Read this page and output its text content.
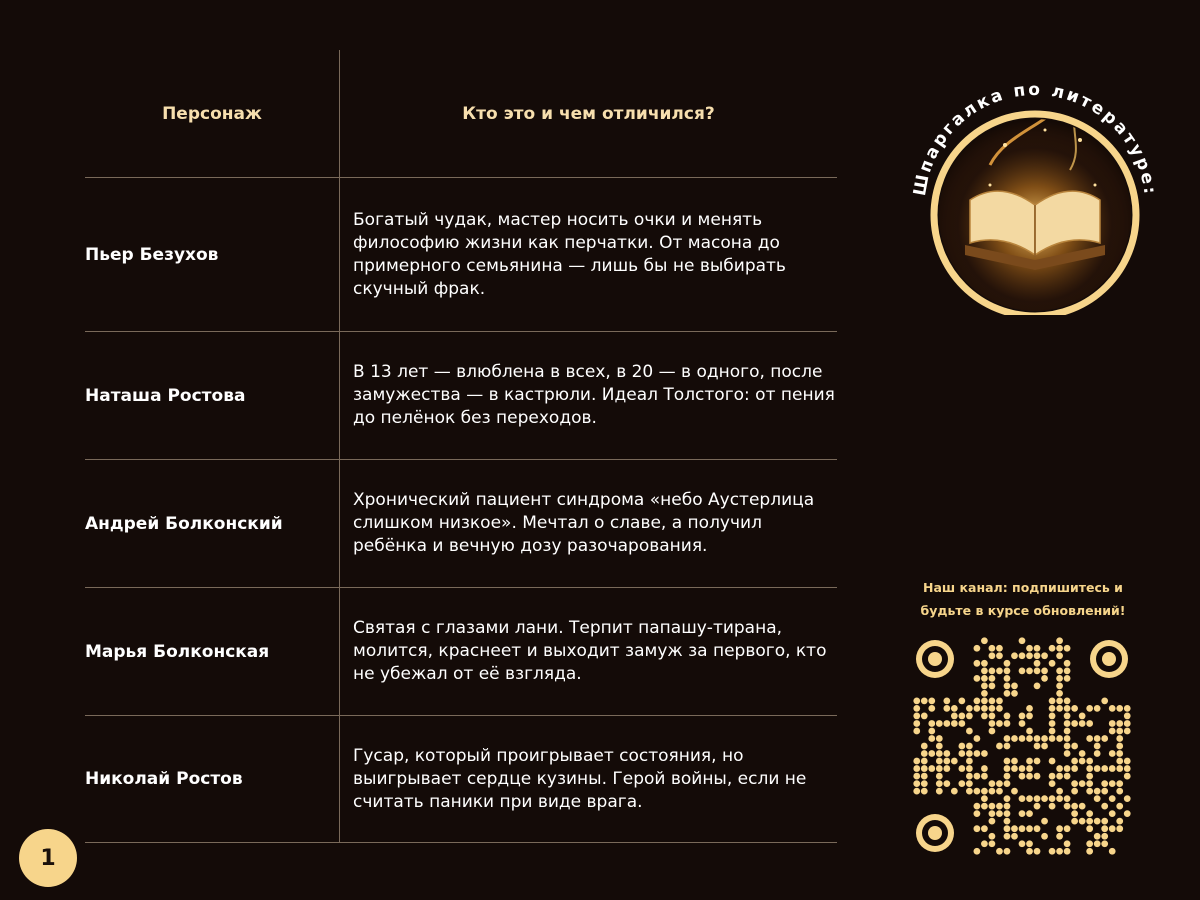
Персонаж	Кто это и чем отличился?
Пьер Безухов
Богатый чудак, мастер носить очки и менять философию жизни как перчатки. От масона до примерного семьянина — лишь бы не выбирать скучный фрак.
Наташа Ростова
В 13 лет — влюблена в всех, в 20 — в одного, после замужества — в кастрюли. Идеал Толстого: от пения до пелёнок без переходов.
Андрей Болконский
Хронический пациент синдрома «небо Аустерлица слишком низкое». Мечтал о славе, а получил ребёнка и вечную дозу разочарования.
Марья Болконская
Святая с глазами лани. Терпит папашу-тирана, молится, краснеет и выходит замуж за первого, кто не убежал от её взгляда.
Николай Ростов
Гусар, который проигрывает состояния, но выигрывает сердце кузины. Герой войны, если не считать паники при виде врага.
Шпаргалка по литературе:
Наш канал: подпишитесь и
будьте в курсе обновлений!
1
